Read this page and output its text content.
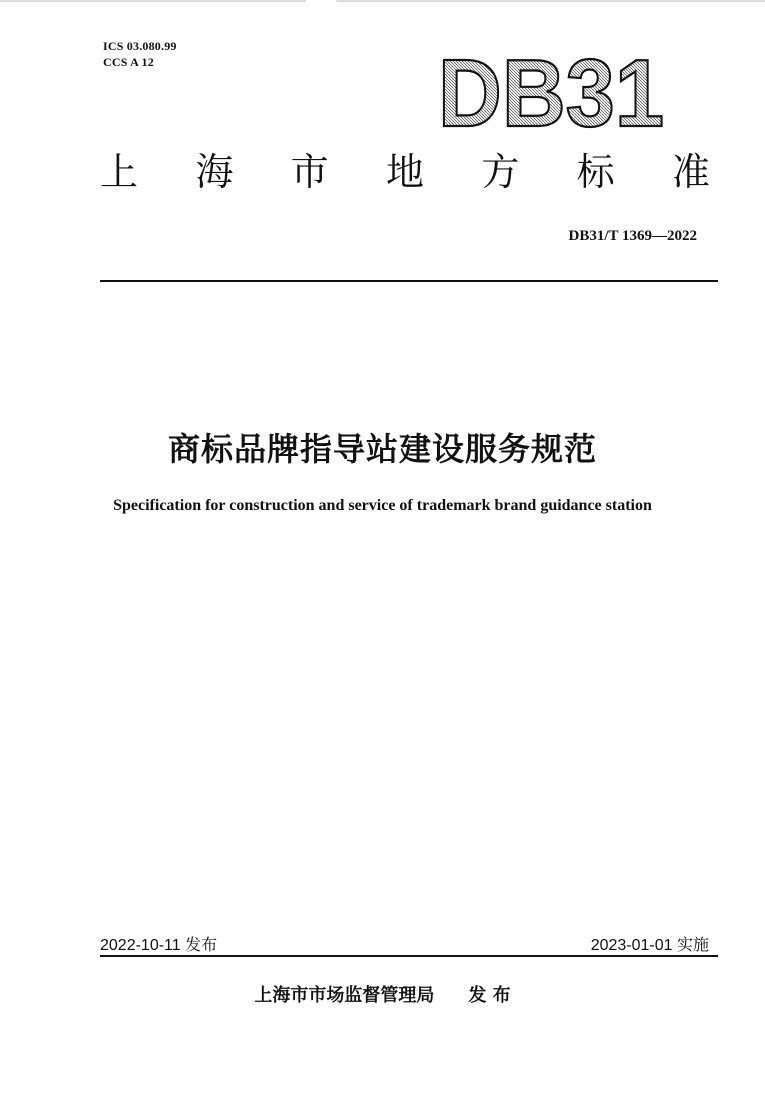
ICS 03.080.99
CCS A 12	DB31
上 海 市 地 方 标 准
DB31/T 1369—2022
商标品牌指导站建设服务规范
Specification for construction and service of trademark brand guidance station
2022-10-11 发布	2023-01-01 实施
上海市市场监督管理局 发 布
